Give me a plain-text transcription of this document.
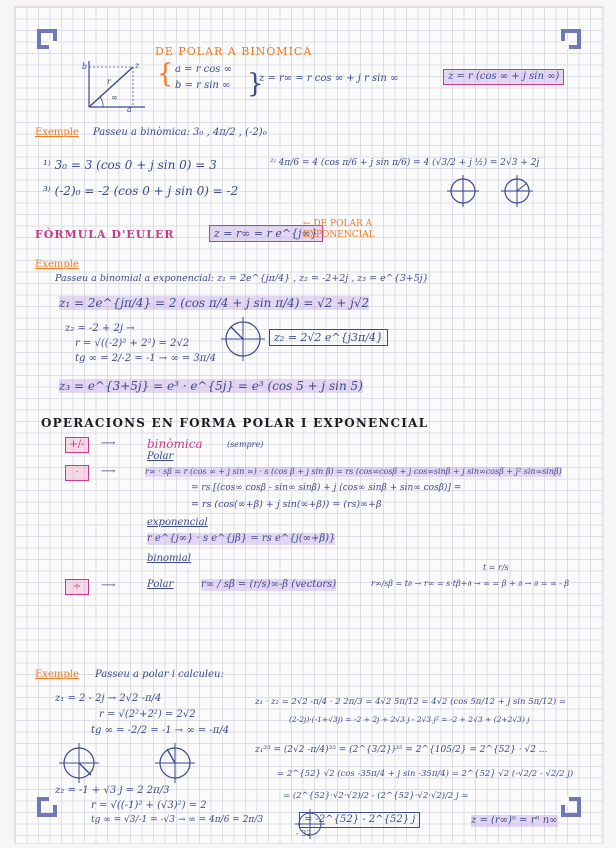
DE POLAR A BINÒMICA
b	z
r
∞
a
{ a = r cos ∞
b = r sin ∞ }
z = r∞ = r cos ∞ + j r sin ∞	z = r (cos ∞ + j sin ∞)
Exemple Passeu a binòmica: 3₀ , 4π/2 , (-2)₀
¹⁾ 3₀ = 3 (cos 0 + j sin 0) = 3	²⁾ 4π/6 = 4 (cos π/6 + j sin π/6) = 4 (√3/2 + j ½) = 2√3 + 2j
³⁾ (-2)₀ = -2 (cos 0 + j sin 0) = -2
FÒRMULA D'EULER	z = r∞ = r e^{j∞}
← DE POLAR A EXPONENCIAL
Exemple
Passeu a binomial a exponencial: z₁ = 2e^{jπ/4} , z₂ = -2+2j , z₃ = e^{3+5j}
z₁ = 2e^{jπ/4} = 2 (cos π/4 + j sin π/4) = √2 + j√2
z₂ = -2 + 2j →
r = √((-2)² + 2²) = 2√2
tg ∞ = 2/-2 = -1 → ∞ = 3π/4
z₂ = 2√2 e^{j3π/4}
z₃ = e^{3+5j} = e³ · e^{5j} = e³ (cos 5 + j sin 5)
OPERACIONS EN FORMA POLAR I EXPONENCIAL
+/-	⟶	binòmica	(sempre)
·	⟶
Polar
r∞ · sβ = r (cos ∞ + j sin ∞) · s (cos β + j sin β) = rs (cos∞cosβ + j cos∞sinβ + j sin∞cosβ + j² sin∞sinβ)
= rs [(cos∞ cosβ - sin∞ sinβ) + j (cos∞ sinβ + sin∞ cosβ)] =
= rs (cos(∞+β) + j sin(∞+β)) = (rs)∞+β
exponencial
r e^{j∞} · s e^{jβ} = rs e^{j(∞+β)}
binomial
÷	⟶	Polar	r∞ / sβ = (r/s)∞-β (vectors)	r∞/sβ = t∂ → r∞ = s·tβ+∂ → ∞ = β + ∂ → ∂ = ∞ - β
t = r/s
Exemple Passeu a polar i calculeu:
z₁ = 2 - 2j → 2√2 -π/4
r = √(2²+2²) = 2√2
tg ∞ = -2/2 = -1 → ∞ = -π/4
z₂ = -1 + √3 j = 2 2π/3
r = √((-1)² + (√3)²) = 2
tg ∞ = √3/-1 = -√3 → ∞ = 4π/6 = 2π/3
z₁ · z₂ = 2√2 -π/4 · 2 2π/3 = 4√2 5π/12 = 4√2 (cos 5π/12 + j sin 5π/12) =
(2-2j)·(-1+√3j) = -2 + 2j + 2√3 j - 2√3 j² = -2 + 2√3 + (2+2√3) j
z₁³⁵ = (2√2 -π/4)³⁵ = (2^{3/2})³⁵ = 2^{105/2} = 2^{52} · √2 ...
= 2^{52} √2 (cos -35π/4 + j sin -35π/4) = 2^{52} √2 (-√2/2 - √2/2 j)
= (2^{52}·√2·√2)/2 - (2^{52}·√2·√2)/2 j =
= -2^{52} - 2^{52} j	z = (r∞)ⁿ = rⁿ n∞
- 32 -
